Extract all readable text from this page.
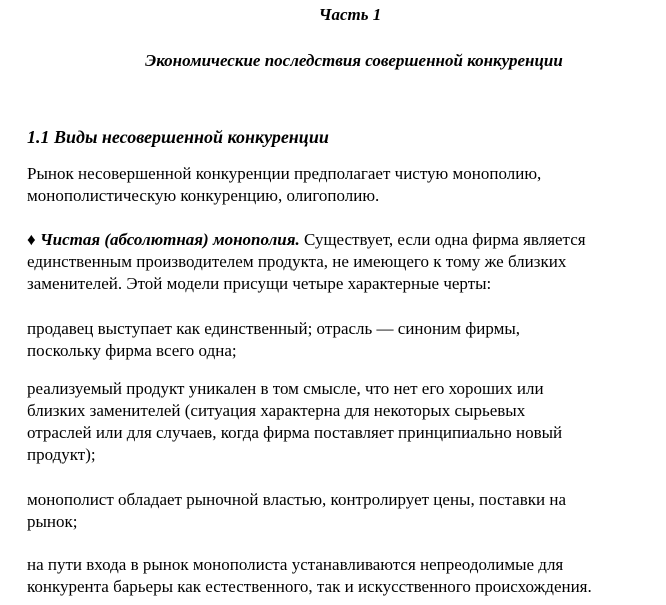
Часть 1
Экономические последствия совершенной конкуренции
1.1 Виды несовершенной конкуренции

Рынок несовершенной конкуренции предполагает чистую монополию,
монополистическую конкуренцию, олигополию.

♦ Чистая (абсолютная) монополия. Существует, если одна фирма является
единственным производителем продукта, не имеющего к тому же близких
заменителей. Этой модели присущи четыре характерные черты:

продавец выступает как единственный; отрасль — синоним фирмы,
поскольку фирма всего одна;

реализуемый продукт уникален в том смысле, что нет его хороших или
близких заменителей (ситуация характерна для некоторых сырьевых
отраслей или для случаев, когда фирма поставляет принципиально новый
продукт);

монополист обладает рыночной властью, контролирует цены, поставки на
рынок;

на пути входа в рынок монополиста устанавливаются непреодолимые для
конкурента барьеры как естественного, так и искусственного происхождения.
